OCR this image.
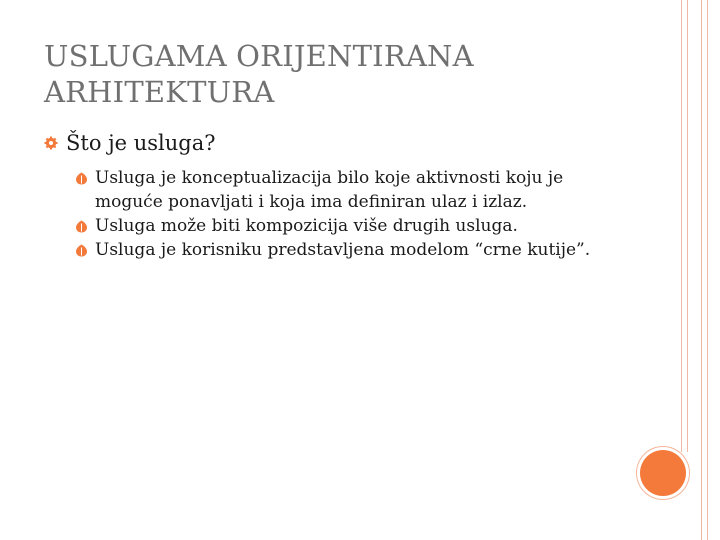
USLUGAMA ORIJENTIRANA ARHITEKTURA
Što je usluga?
Usluga je konceptualizacija bilo koje aktivnosti koju je moguće ponavljati i koja ima definiran ulaz i izlaz.
Usluga može biti kompozicija više drugih usluga.
Usluga je korisniku predstavljena modelom “crne kutije”.
